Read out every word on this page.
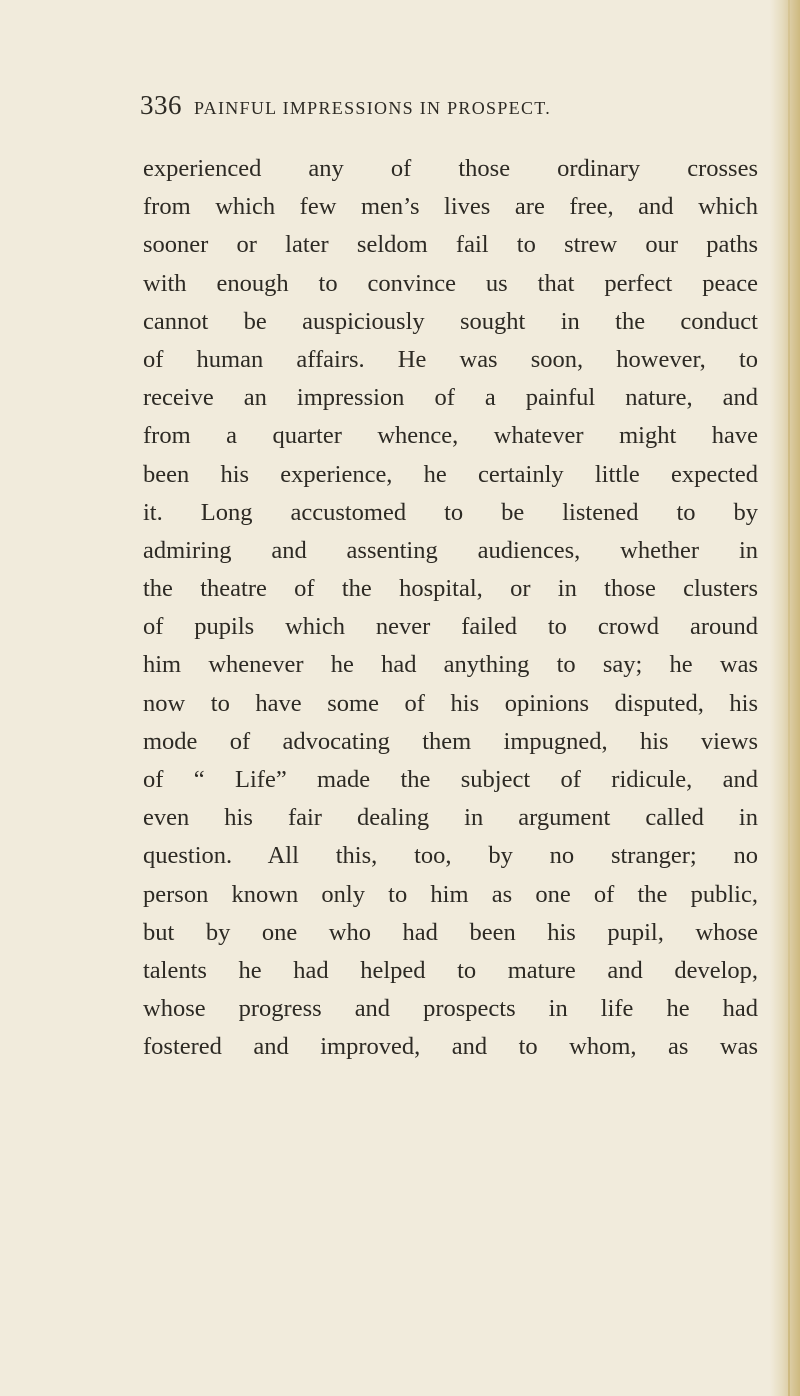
336 PAINFUL IMPRESSIONS IN PROSPECT.
experienced any of those ordinary crosses
from which few men’s lives are free, and which
sooner or later seldom fail to strew our paths
with enough to convince us that perfect peace
cannot be auspiciously sought in the conduct
of human affairs. He was soon, however, to
receive an impression of a painful nature, and
from a quarter whence, whatever might have
been his experience, he certainly little expected
it. Long accustomed to be listened to by
admiring and assenting audiences, whether in
the theatre of the hospital, or in those clusters
of pupils which never failed to crowd around
him whenever he had anything to say; he was
now to have some of his opinions disputed, his
mode of advocating them impugned, his views
of “ Life” made the subject of ridicule, and
even his fair dealing in argument called in
question. All this, too, by no stranger; no
person known only to him as one of the public,
but by one who had been his pupil, whose
talents he had helped to mature and develop,
whose progress and prospects in life he had
fostered and improved, and to whom, as was
